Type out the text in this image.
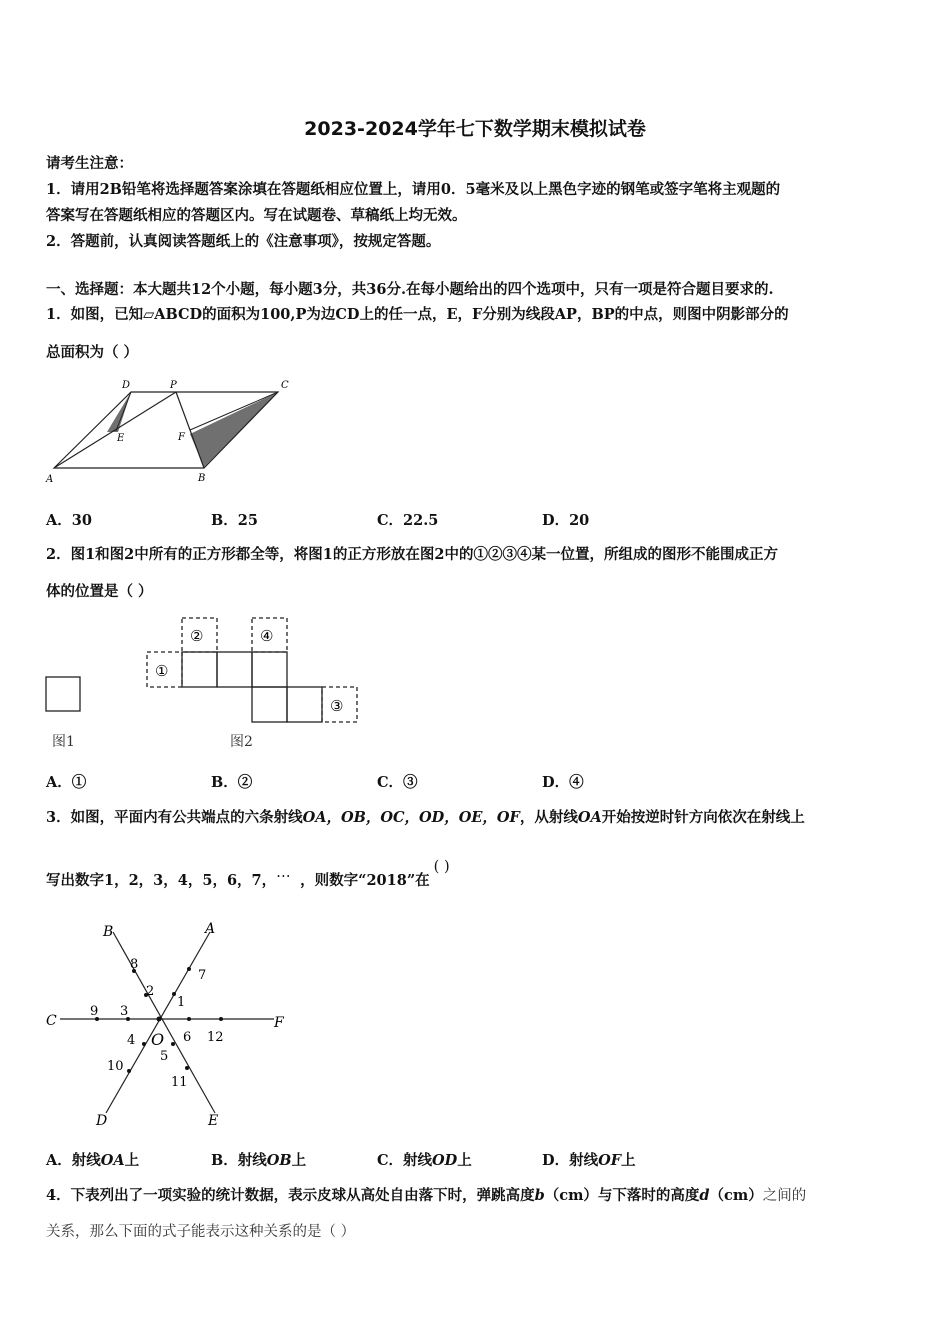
2023-2024学年七下数学期末模拟试卷
请考生注意：
1．请用2B铅笔将选择题答案涂填在答题纸相应位置上，请用0．5毫米及以上黑色字迹的钢笔或签字笔将主观题的
答案写在答题纸相应的答题区内。写在试题卷、草稿纸上均无效。
2．答题前，认真阅读答题纸上的《注意事项》，按规定答题。
一、选择题：本大题共12个小题，每小题3分，共36分.在每小题给出的四个选项中，只有一项是符合题目要求的.
1．如图，已知▱ABCD的面积为100,P为边CD上的任一点，E，F分别为线段AP，BP的中点，则图中阴影部分的
总面积为（ ）
D	P	C
E	F
A	B
A．30	B．25	C．22.5	D．20
2．图1和图2中所有的正方形都全等，将图1的正方形放在图2中的①②③④某一位置，所组成的图形不能围成正方
体的位置是（ ）
图1
①
②	④
③
图2
A．①	B．②	C．③	D．④
3．如图，平面内有公共端点的六条射线OA，OB，OC，OD，OE，OF，从射线OA开始按逆时针方向依次在射线上
写出数字1，2，3，4，5，6，7，… ，则数字“2018”在( )
B	A
C	F
D	E
O
1
2
3
4
5
6
7
8
9
10
11
12
A．射线OA上	B．射线OB上	C．射线OD上	D．射线OF上
4．下表列出了一项实验的统计数据，表示皮球从高处自由落下时，弹跳高度b（cm）与下落时的高度d（cm）之间的
关系，那么下面的式子能表示这种关系的是（ ）
